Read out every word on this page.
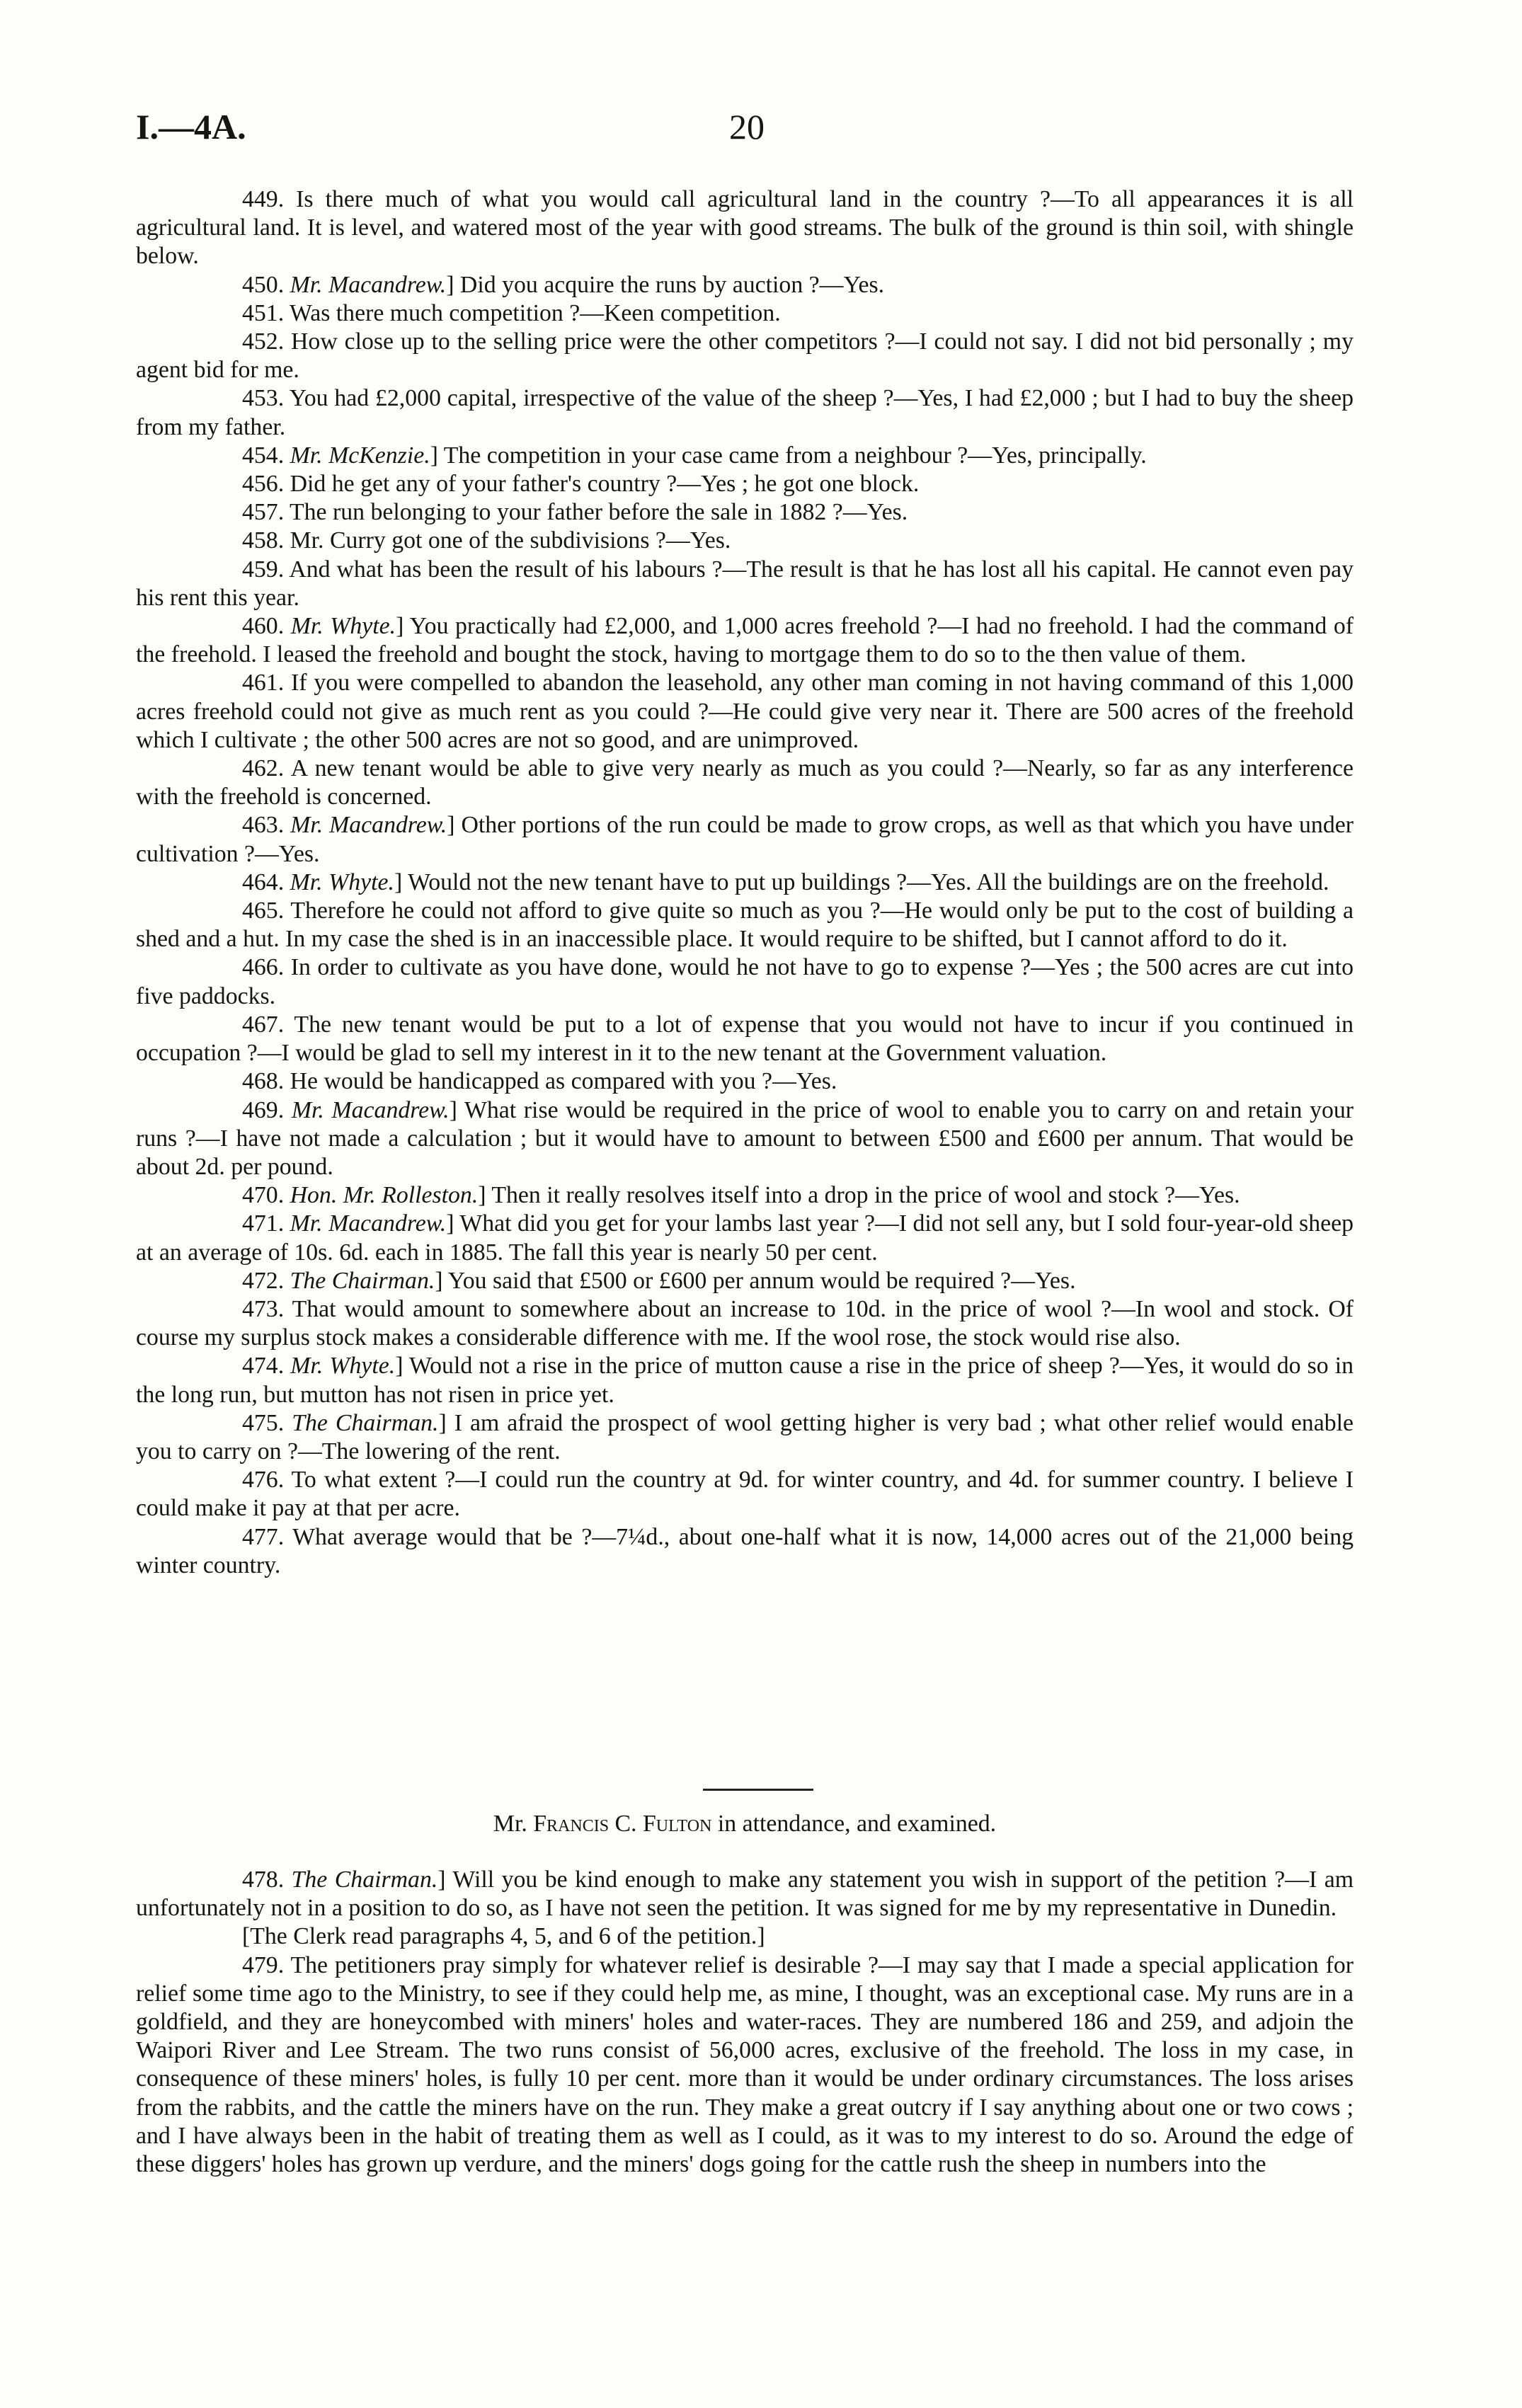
I.—4A.	20

449. Is there much of what you would call agricultural land in the country ?—To all appearances it is all agricultural land. It is level, and watered most of the year with good streams. The bulk of the ground is thin soil, with shingle below.

450. Mr. Macandrew.] Did you acquire the runs by auction ?—Yes.

451. Was there much competition ?—Keen competition.

452. How close up to the selling price were the other competitors ?—I could not say. I did not bid personally ; my agent bid for me.

453. You had £2,000 capital, irrespective of the value of the sheep ?—Yes, I had £2,000 ; but I had to buy the sheep from my father.

454. Mr. McKenzie.] The competition in your case came from a neighbour ?—Yes, principally.

456. Did he get any of your father's country ?—Yes ; he got one block.

457. The run belonging to your father before the sale in 1882 ?—Yes.

458. Mr. Curry got one of the subdivisions ?—Yes.

459. And what has been the result of his labours ?—The result is that he has lost all his capital. He cannot even pay his rent this year.

460. Mr. Whyte.] You practically had £2,000, and 1,000 acres freehold ?—I had no freehold. I had the command of the freehold. I leased the freehold and bought the stock, having to mortgage them to do so to the then value of them.

461. If you were compelled to abandon the leasehold, any other man coming in not having command of this 1,000 acres freehold could not give as much rent as you could ?—He could give very near it. There are 500 acres of the freehold which I cultivate ; the other 500 acres are not so good, and are unimproved.

462. A new tenant would be able to give very nearly as much as you could ?—Nearly, so far as any interference with the freehold is concerned.

463. Mr. Macandrew.] Other portions of the run could be made to grow crops, as well as that which you have under cultivation ?—Yes.

464. Mr. Whyte.] Would not the new tenant have to put up buildings ?—Yes. All the buildings are on the freehold.

465. Therefore he could not afford to give quite so much as you ?—He would only be put to the cost of building a shed and a hut. In my case the shed is in an inaccessible place. It would require to be shifted, but I cannot afford to do it.

466. In order to cultivate as you have done, would he not have to go to expense ?—Yes ; the 500 acres are cut into five paddocks.

467. The new tenant would be put to a lot of expense that you would not have to incur if you continued in occupation ?—I would be glad to sell my interest in it to the new tenant at the Government valuation.

468. He would be handicapped as compared with you ?—Yes.

469. Mr. Macandrew.] What rise would be required in the price of wool to enable you to carry on and retain your runs ?—I have not made a calculation ; but it would have to amount to between £500 and £600 per annum. That would be about 2d. per pound.

470. Hon. Mr. Rolleston.] Then it really resolves itself into a drop in the price of wool and stock ?—Yes.

471. Mr. Macandrew.] What did you get for your lambs last year ?—I did not sell any, but I sold four-year-old sheep at an average of 10s. 6d. each in 1885. The fall this year is nearly 50 per cent.

472. The Chairman.] You said that £500 or £600 per annum would be required ?—Yes.

473. That would amount to somewhere about an increase to 10d. in the price of wool ?—In wool and stock. Of course my surplus stock makes a considerable difference with me. If the wool rose, the stock would rise also.

474. Mr. Whyte.] Would not a rise in the price of mutton cause a rise in the price of sheep ?—Yes, it would do so in the long run, but mutton has not risen in price yet.

475. The Chairman.] I am afraid the prospect of wool getting higher is very bad ; what other relief would enable you to carry on ?—The lowering of the rent.

476. To what extent ?—I could run the country at 9d. for winter country, and 4d. for summer country. I believe I could make it pay at that per acre.

477. What average would that be ?—7¼d., about one-half what it is now, 14,000 acres out of the 21,000 being winter country.

Mr. Francis C. Fulton in attendance, and examined.

478. The Chairman.] Will you be kind enough to make any statement you wish in support of the petition ?—I am unfortunately not in a position to do so, as I have not seen the petition. It was signed for me by my representative in Dunedin.

[The Clerk read paragraphs 4, 5, and 6 of the petition.]

479. The petitioners pray simply for whatever relief is desirable ?—I may say that I made a special application for relief some time ago to the Ministry, to see if they could help me, as mine, I thought, was an exceptional case. My runs are in a goldfield, and they are honeycombed with miners' holes and water-races. They are numbered 186 and 259, and adjoin the Waipori River and Lee Stream. The two runs consist of 56,000 acres, exclusive of the freehold. The loss in my case, in consequence of these miners' holes, is fully 10 per cent. more than it would be under ordinary circumstances. The loss arises from the rabbits, and the cattle the miners have on the run. They make a great outcry if I say anything about one or two cows ; and I have always been in the habit of treating them as well as I could, as it was to my interest to do so. Around the edge of these diggers' holes has grown up verdure, and the miners' dogs going for the cattle rush the sheep in numbers into the
